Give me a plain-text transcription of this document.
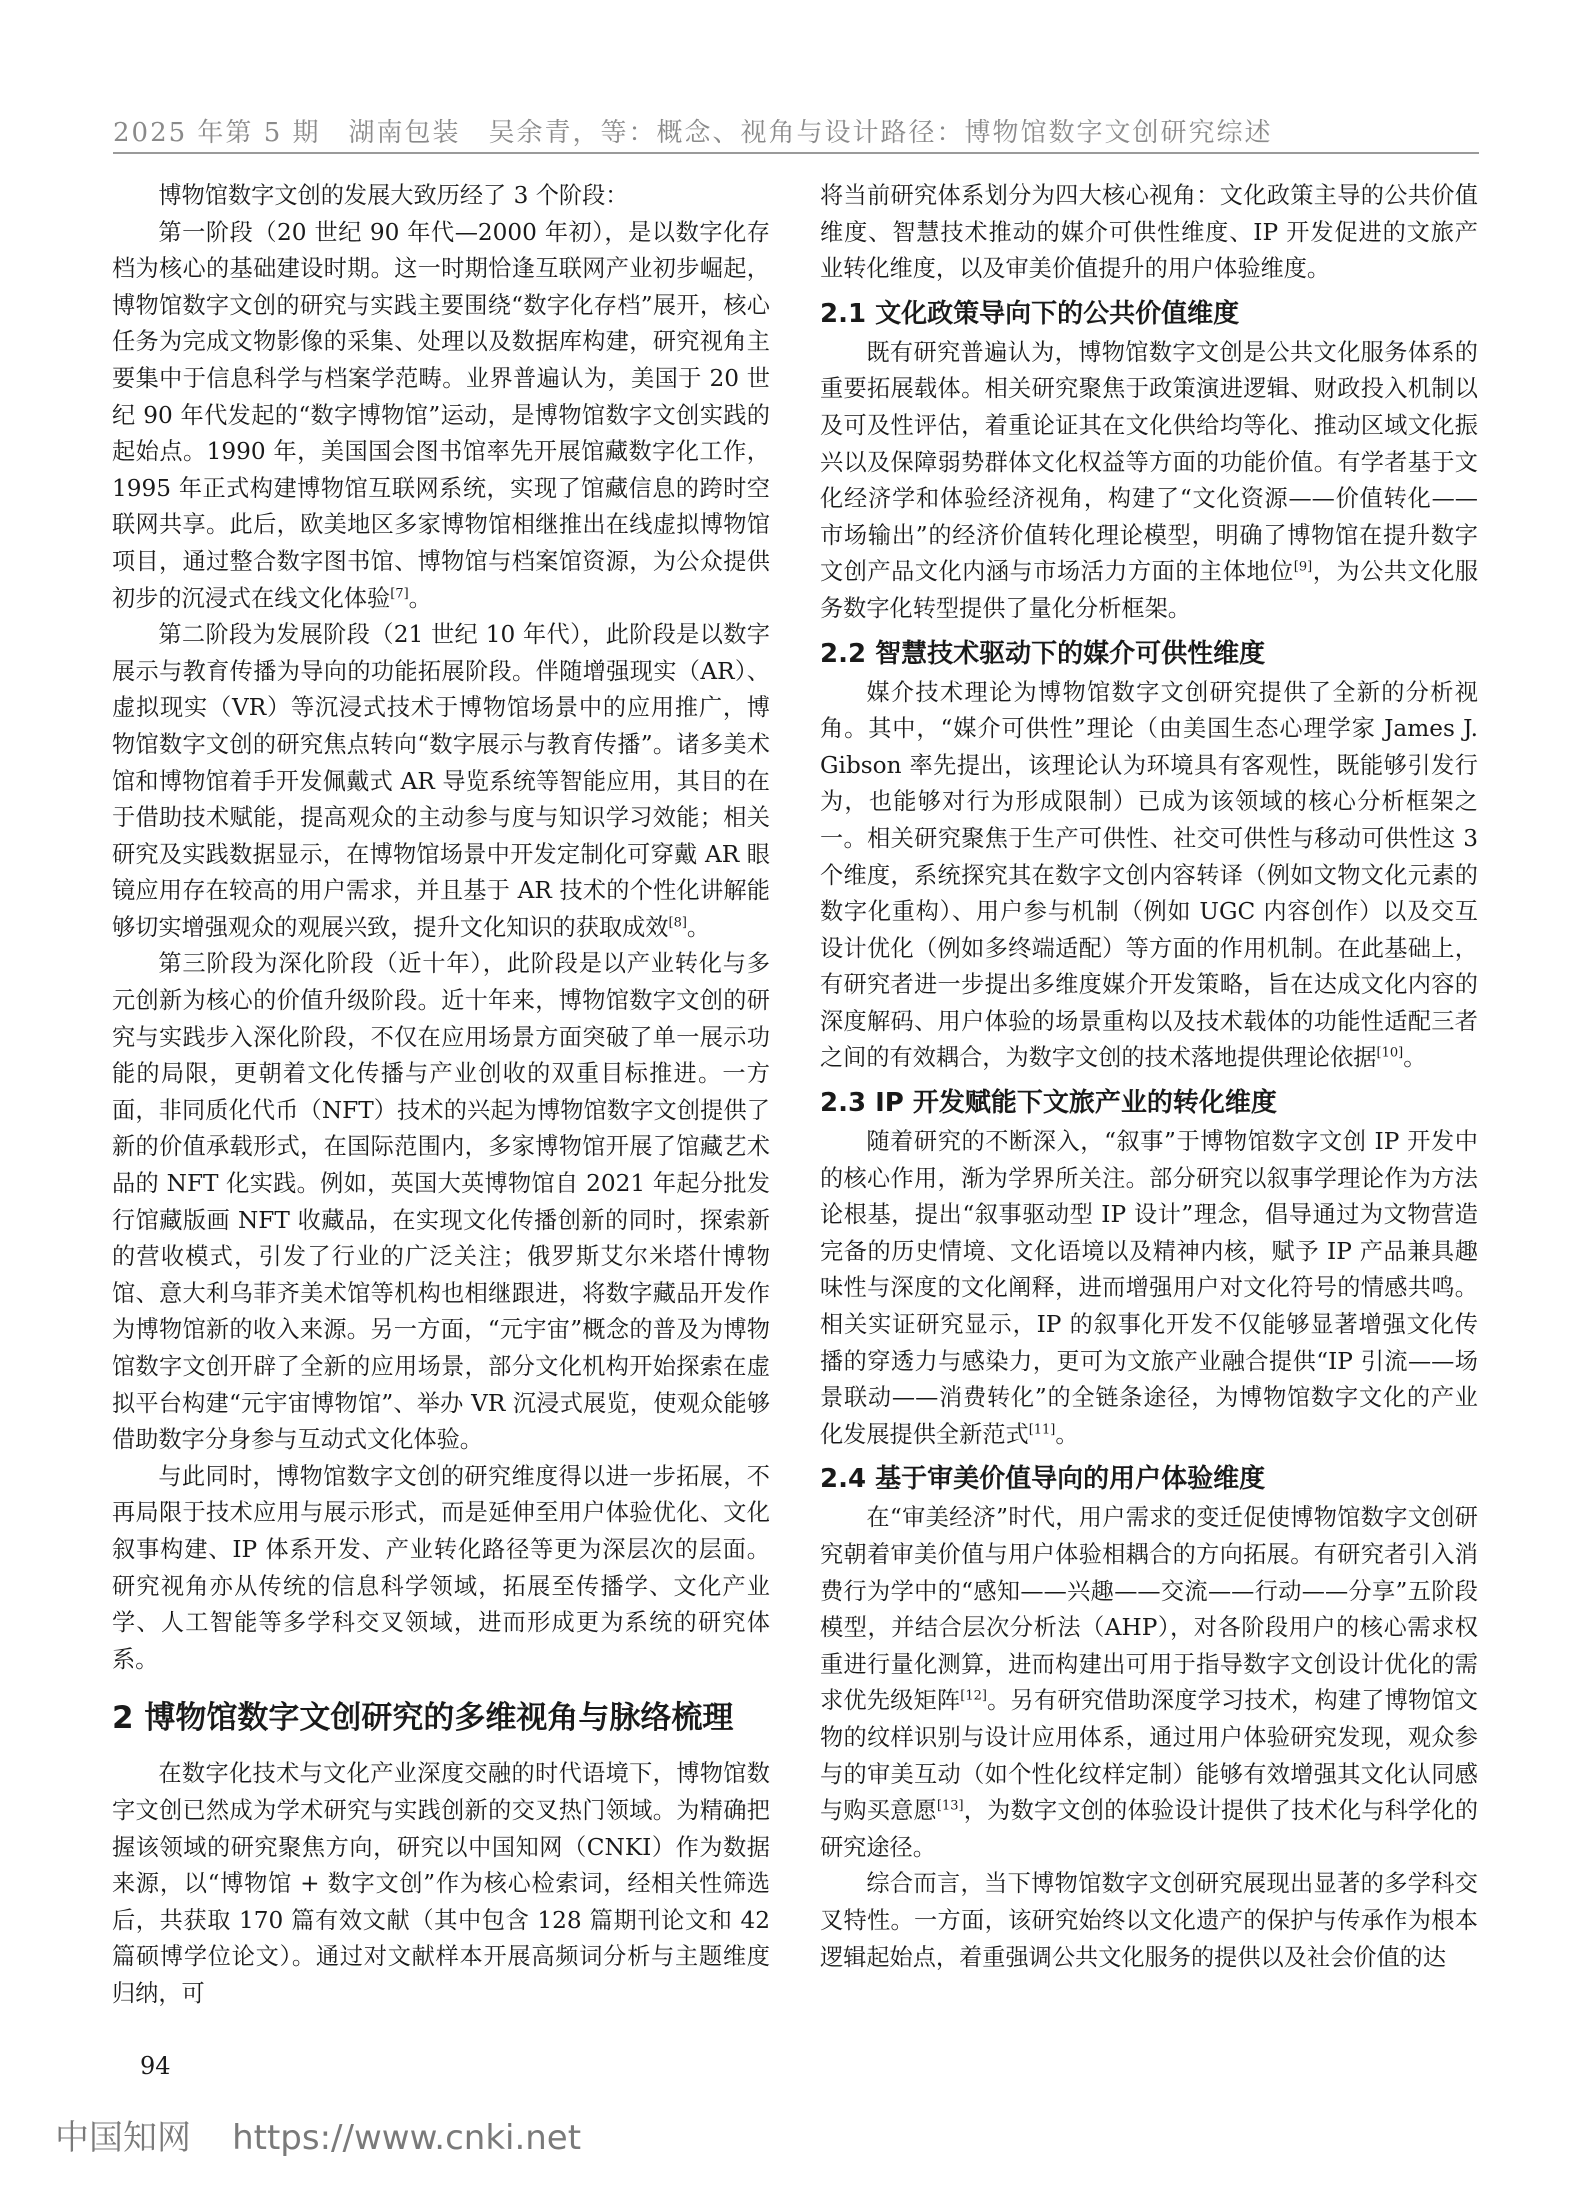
2025 年第 5 期　湖南包装　吴余青，等：概念、视角与设计路径：博物馆数字文创研究综述

博物馆数字文创的发展大致历经了 3 个阶段：

第一阶段（20 世纪 90 年代—2000 年初），是以数字化存档为核心的基础建设时期。这一时期恰逢互联网产业初步崛起，博物馆数字文创的研究与实践主要围绕“数字化存档”展开，核心任务为完成文物影像的采集、处理以及数据库构建，研究视角主要集中于信息科学与档案学范畴。业界普遍认为，美国于 20 世纪 90 年代发起的“数字博物馆”运动，是博物馆数字文创实践的起始点。1990 年，美国国会图书馆率先开展馆藏数字化工作，1995 年正式构建博物馆互联网系统，实现了馆藏信息的跨时空联网共享。此后，欧美地区多家博物馆相继推出在线虚拟博物馆项目，通过整合数字图书馆、博物馆与档案馆资源，为公众提供初步的沉浸式在线文化体验[7]。

第二阶段为发展阶段（21 世纪 10 年代），此阶段是以数字展示与教育传播为导向的功能拓展阶段。伴随增强现实（AR）、虚拟现实（VR）等沉浸式技术于博物馆场景中的应用推广，博物馆数字文创的研究焦点转向“数字展示与教育传播”。诸多美术馆和博物馆着手开发佩戴式 AR 导览系统等智能应用，其目的在于借助技术赋能，提高观众的主动参与度与知识学习效能；相关研究及实践数据显示，在博物馆场景中开发定制化可穿戴 AR 眼镜应用存在较高的用户需求，并且基于 AR 技术的个性化讲解能够切实增强观众的观展兴致，提升文化知识的获取成效[8]。

第三阶段为深化阶段（近十年），此阶段是以产业转化与多元创新为核心的价值升级阶段。近十年来，博物馆数字文创的研究与实践步入深化阶段，不仅在应用场景方面突破了单一展示功能的局限，更朝着文化传播与产业创收的双重目标推进。一方面，非同质化代币（NFT）技术的兴起为博物馆数字文创提供了新的价值承载形式，在国际范围内，多家博物馆开展了馆藏艺术品的 NFT 化实践。例如，英国大英博物馆自 2021 年起分批发行馆藏版画 NFT 收藏品，在实现文化传播创新的同时，探索新的营收模式，引发了行业的广泛关注；俄罗斯艾尔米塔什博物馆、意大利乌菲齐美术馆等机构也相继跟进，将数字藏品开发作为博物馆新的收入来源。另一方面，“元宇宙”概念的普及为博物馆数字文创开辟了全新的应用场景，部分文化机构开始探索在虚拟平台构建“元宇宙博物馆”、举办 VR 沉浸式展览，使观众能够借助数字分身参与互动式文化体验。

与此同时，博物馆数字文创的研究维度得以进一步拓展，不再局限于技术应用与展示形式，而是延伸至用户体验优化、文化叙事构建、IP 体系开发、产业转化路径等更为深层次的层面。研究视角亦从传统的信息科学领域，拓展至传播学、文化产业学、人工智能等多学科交叉领域，进而形成更为系统的研究体系。

2 博物馆数字文创研究的多维视角与脉络梳理

在数字化技术与文化产业深度交融的时代语境下，博物馆数字文创已然成为学术研究与实践创新的交叉热门领域。为精确把握该领域的研究聚焦方向，研究以中国知网（CNKI）作为数据来源，以“博物馆 + 数字文创”作为核心检索词，经相关性筛选后，共获取 170 篇有效文献（其中包含 128 篇期刊论文和 42 篇硕博学位论文）。通过对文献样本开展高频词分析与主题维度归纳，可

将当前研究体系划分为四大核心视角：文化政策主导的公共价值维度、智慧技术推动的媒介可供性维度、IP 开发促进的文旅产业转化维度，以及审美价值提升的用户体验维度。

2.1 文化政策导向下的公共价值维度

既有研究普遍认为，博物馆数字文创是公共文化服务体系的重要拓展载体。相关研究聚焦于政策演进逻辑、财政投入机制以及可及性评估，着重论证其在文化供给均等化、推动区域文化振兴以及保障弱势群体文化权益等方面的功能价值。有学者基于文化经济学和体验经济视角，构建了“文化资源——价值转化——市场输出”的经济价值转化理论模型，明确了博物馆在提升数字文创产品文化内涵与市场活力方面的主体地位[9]，为公共文化服务数字化转型提供了量化分析框架。

2.2 智慧技术驱动下的媒介可供性维度

媒介技术理论为博物馆数字文创研究提供了全新的分析视角。其中，“媒介可供性”理论（由美国生态心理学家 James J. Gibson 率先提出，该理论认为环境具有客观性，既能够引发行为，也能够对行为形成限制）已成为该领域的核心分析框架之一。相关研究聚焦于生产可供性、社交可供性与移动可供性这 3 个维度，系统探究其在数字文创内容转译（例如文物文化元素的数字化重构）、用户参与机制（例如 UGC 内容创作）以及交互设计优化（例如多终端适配）等方面的作用机制。在此基础上，有研究者进一步提出多维度媒介开发策略，旨在达成文化内容的深度解码、用户体验的场景重构以及技术载体的功能性适配三者之间的有效耦合，为数字文创的技术落地提供理论依据[10]。

2.3 IP 开发赋能下文旅产业的转化维度

随着研究的不断深入，“叙事”于博物馆数字文创 IP 开发中的核心作用，渐为学界所关注。部分研究以叙事学理论作为方法论根基，提出“叙事驱动型 IP 设计”理念，倡导通过为文物营造完备的历史情境、文化语境以及精神内核，赋予 IP 产品兼具趣味性与深度的文化阐释，进而增强用户对文化符号的情感共鸣。相关实证研究显示，IP 的叙事化开发不仅能够显著增强文化传播的穿透力与感染力，更可为文旅产业融合提供“IP 引流——场景联动——消费转化”的全链条途径，为博物馆数字文化的产业化发展提供全新范式[11]。

2.4 基于审美价值导向的用户体验维度

在“审美经济”时代，用户需求的变迁促使博物馆数字文创研究朝着审美价值与用户体验相耦合的方向拓展。有研究者引入消费行为学中的“感知——兴趣——交流——行动——分享”五阶段模型，并结合层次分析法（AHP），对各阶段用户的核心需求权重进行量化测算，进而构建出可用于指导数字文创设计优化的需求优先级矩阵[12]。另有研究借助深度学习技术，构建了博物馆文物的纹样识别与设计应用体系，通过用户体验研究发现，观众参与的审美互动（如个性化纹样定制）能够有效增强其文化认同感与购买意愿[13]，为数字文创的体验设计提供了技术化与科学化的研究途径。

综合而言，当下博物馆数字文创研究展现出显著的多学科交叉特性。一方面，该研究始终以文化遗产的保护与传承作为根本逻辑起始点，着重强调公共文化服务的提供以及社会价值的达

94
中国知网 https://www.cnki.net
